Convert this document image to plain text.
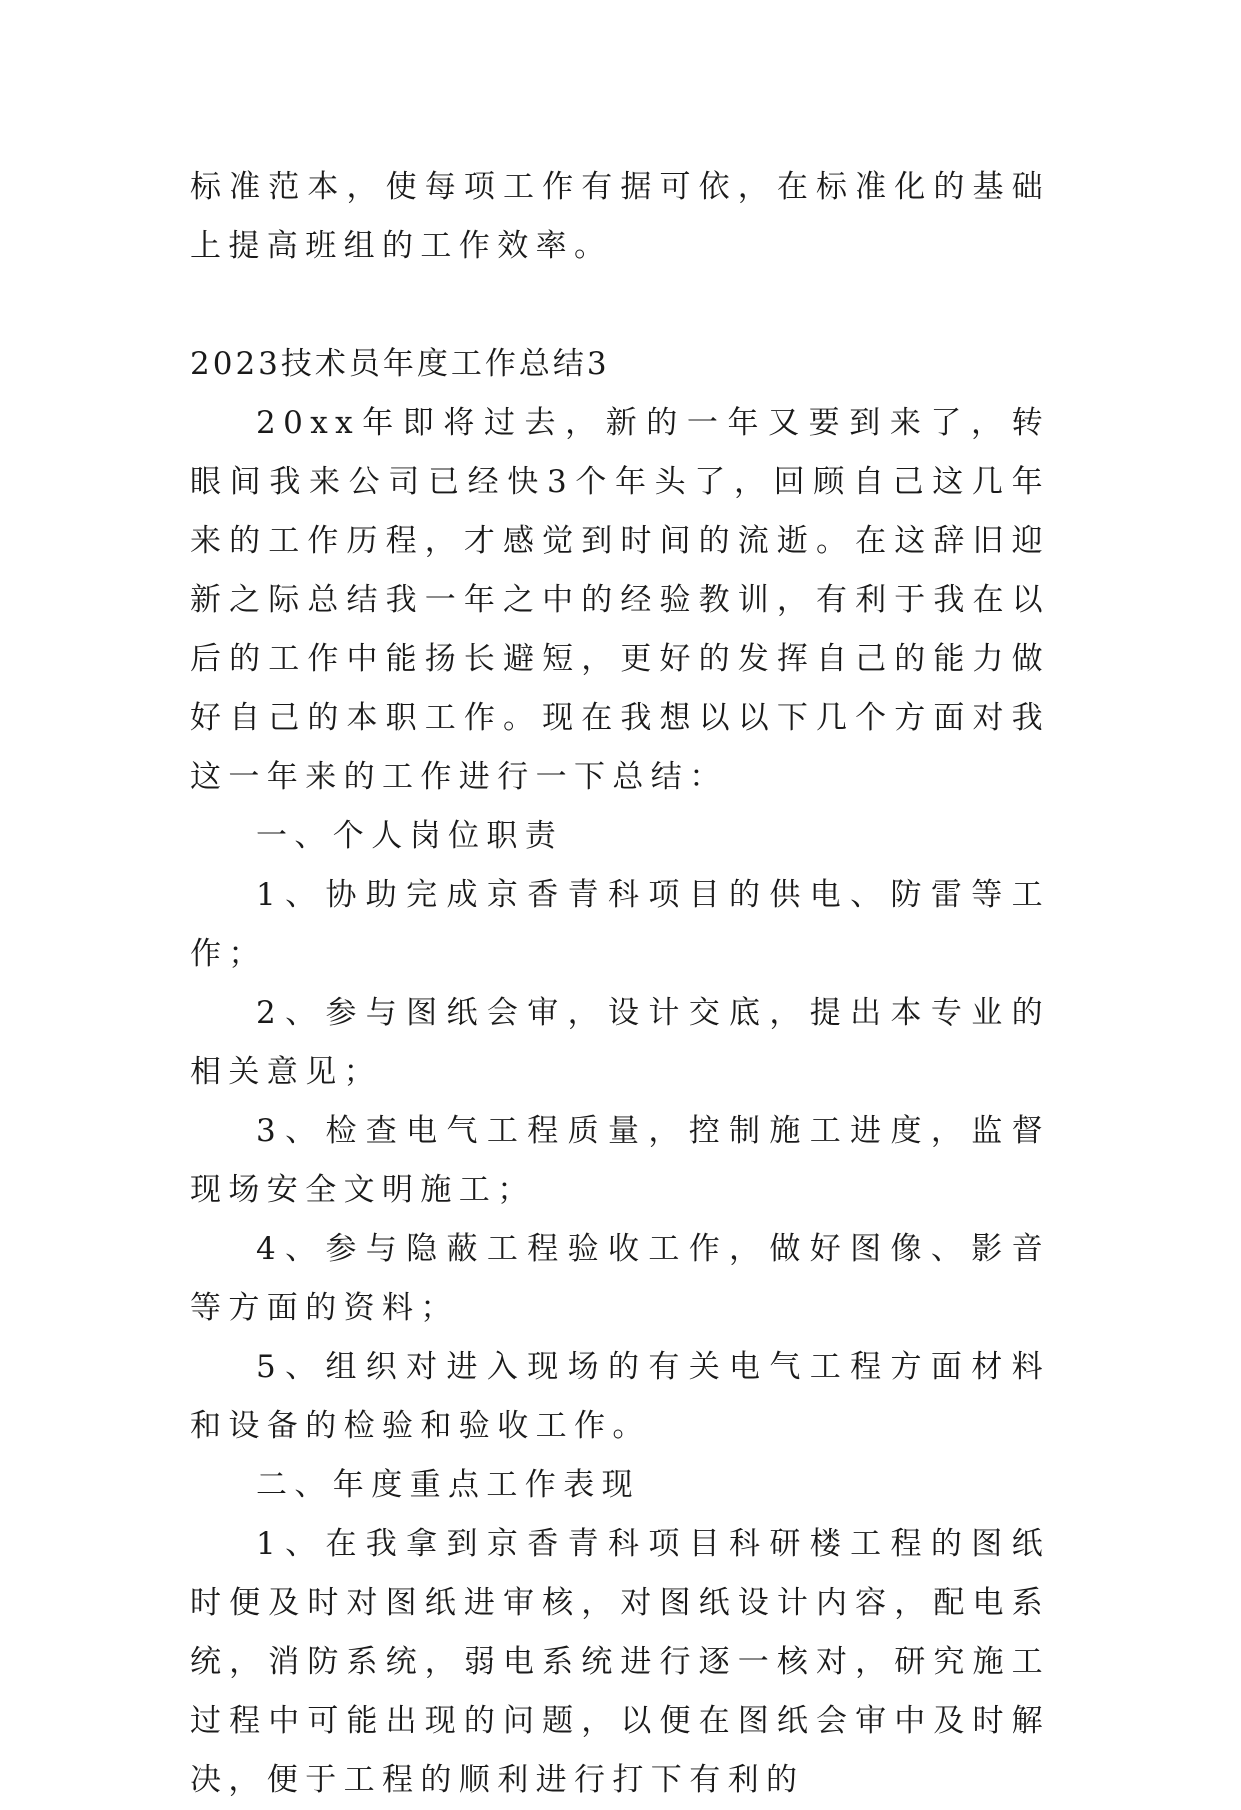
标准范本，使每项工作有据可依，在标准化的基础上提高班组的工作效率。

2023技术员年度工作总结3

20xx年即将过去，新的一年又要到来了，转眼间我来公司已经快3个年头了，回顾自己这几年来的工作历程，才感觉到时间的流逝。在这辞旧迎新之际总结我一年之中的经验教训，有利于我在以后的工作中能扬长避短，更好的发挥自己的能力做好自己的本职工作。现在我想以以下几个方面对我这一年来的工作进行一下总结：

一、个人岗位职责

1、协助完成京香青科项目的供电、防雷等工作；

2、参与图纸会审，设计交底，提出本专业的相关意见；

3、检查电气工程质量，控制施工进度，监督现场安全文明施工；

4、参与隐蔽工程验收工作，做好图像、影音等方面的资料；

5、组织对进入现场的有关电气工程方面材料和设备的检验和验收工作。

二、年度重点工作表现

1、在我拿到京香青科项目科研楼工程的图纸时便及时对图纸进审核，对图纸设计内容，配电系统，消防系统，弱电系统进行逐一核对，研究施工过程中可能出现的问题，以便在图纸会审中及时解决，便于工程的顺利进行打下有利的
